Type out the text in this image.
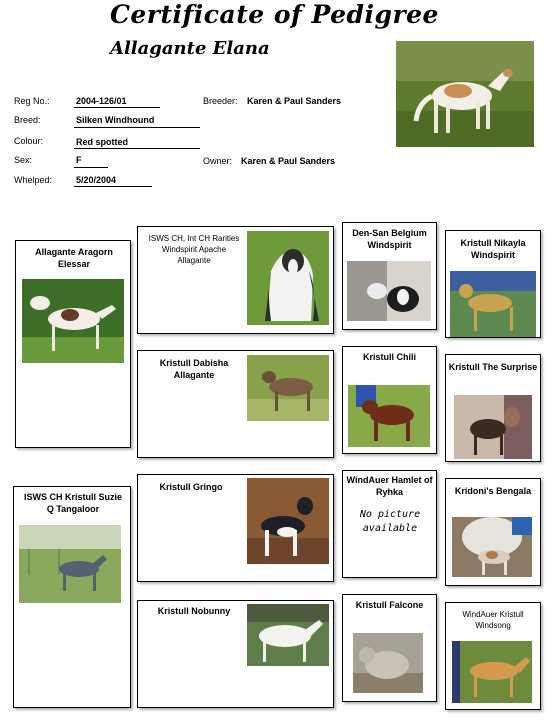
Certificate of Pedigree
Allagante Elana
Reg No.:	2004-126/01
Breed:	Silken Windhound
Colour:	Red spotted
Sex:	F
Whelped:	5/20/2004
Breeder: Karen & Paul Sanders
Owner: Karen & Paul Sanders
Allagante Aragorn Elessar
ISWS CH Kristull Suzie Q Tangaloor
ISWS CH, Int CH Rarities Windspirit Apache Allagante
Kristull Dabisha Allagante
Kristull Gringo
Kristull Nobunny
Den-San Belgium Windspirit
Kristull Chili
WindAuer Hamlet of Ryhka
No picture available
Kristull Falcone
Kristull Nikayla Windspirit
Kristull The Surprise
Kridoni's Bengala
WindAuer Kristull Windsong
